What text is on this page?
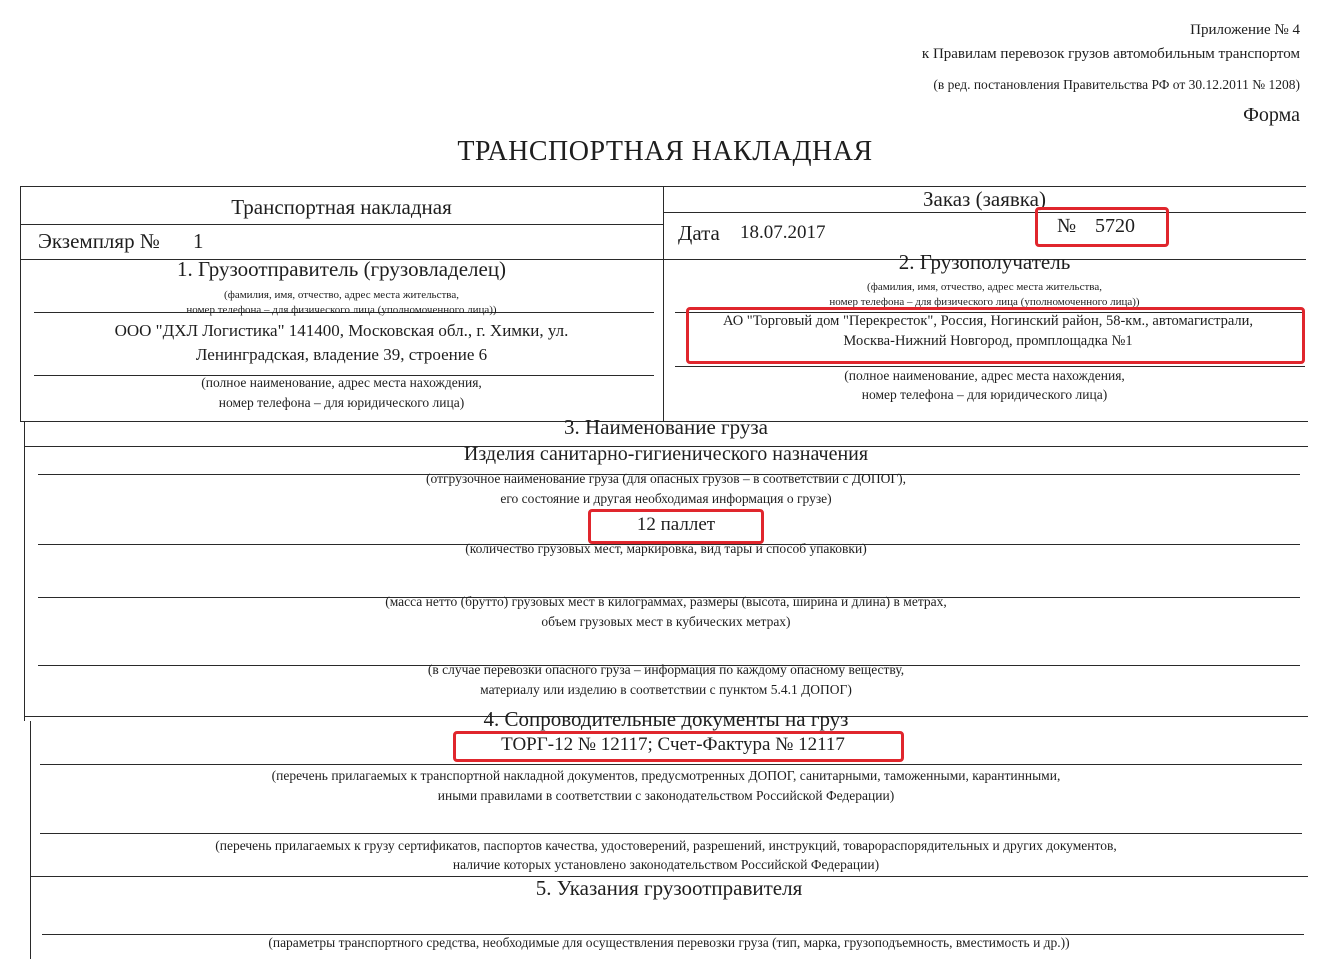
Приложение № 4
к Правилам перевозок грузов автомобильным транспортом
(в ред. постановления Правительства РФ от 30.12.2011 № 1208)
Форма
ТРАНСПОРТНАЯ НАКЛАДНАЯ
Транспортная накладная
Экземпляр № 1
Заказ (заявка)
Дата 18.07.2017	№ 5720
1. Грузоотправитель (грузовладелец)
(фамилия, имя, отчество, адрес места жительства,
номер телефона – для физического лица (уполномоченного лица))
ООО "ДХЛ Логистика" 141400, Московская обл., г. Химки, ул.
Ленинградская, владение 39, строение 6
(полное наименование, адрес места нахождения,
номер телефона – для юридического лица)
2. Грузополучатель
(фамилия, имя, отчество, адрес места жительства,
номер телефона – для физического лица (уполномоченного лица))
АО "Торговый дом "Перекресток", Россия, Ногинский район, 58-км., автомагистрали,
Москва-Нижний Новгород, промплощадка №1
(полное наименование, адрес места нахождения,
номер телефона – для юридического лица)
3. Наименование груза
Изделия санитарно-гигиенического назначения
(отгрузочное наименование груза (для опасных грузов – в соответствии с ДОПОГ),
его состояние и другая необходимая информация о грузе)
12 паллет
(количество грузовых мест, маркировка, вид тары и способ упаковки)
(масса нетто (брутто) грузовых мест в килограммах, размеры (высота, ширина и длина) в метрах,
объем грузовых мест в кубических метрах)
(в случае перевозки опасного груза – информация по каждому опасному веществу,
материалу или изделию в соответствии с пунктом 5.4.1 ДОПОГ)
4. Сопроводительные документы на груз
ТОРГ-12 № 12117; Счет-Фактура № 12117
(перечень прилагаемых к транспортной накладной документов, предусмотренных ДОПОГ, санитарными, таможенными, карантинными,
иными правилами в соответствии с законодательством Российской Федерации)
(перечень прилагаемых к грузу сертификатов, паспортов качества, удостоверений, разрешений, инструкций, товарораспорядительных и других документов,
наличие которых установлено законодательством Российской Федерации)
5. Указания грузоотправителя
(параметры транспортного средства, необходимые для осуществления перевозки груза (тип, марка, грузоподъемность, вместимость и др.))
